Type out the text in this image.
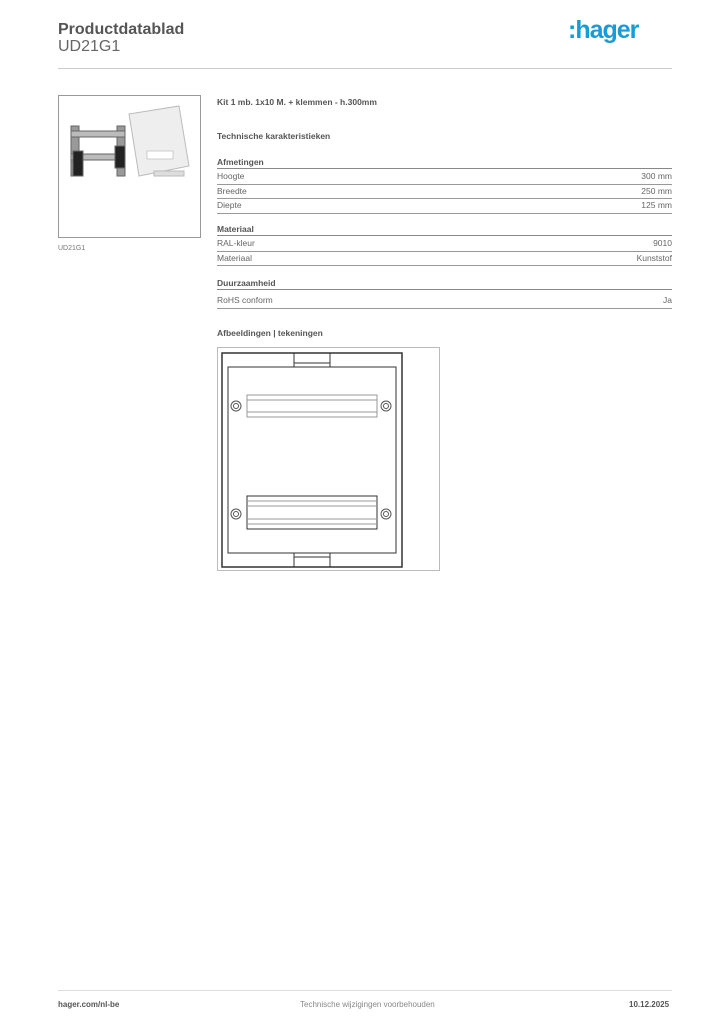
Productdatablad
UD21G1
:hager
UD21G1
Kit 1 mb. 1x10 M. + klemmen - h.300mm
Technische karakteristieken
Afmetingen
Hoogte	300 mm
Breedte	250 mm
Diepte	125 mm
Materiaal
RAL-kleur	9010
Materiaal	Kunststof
Duurzaamheid
RoHS conform	Ja
Afbeeldingen | tekeningen
hager.com/nl-be	Technische wijzigingen voorbehouden	10.12.2025
